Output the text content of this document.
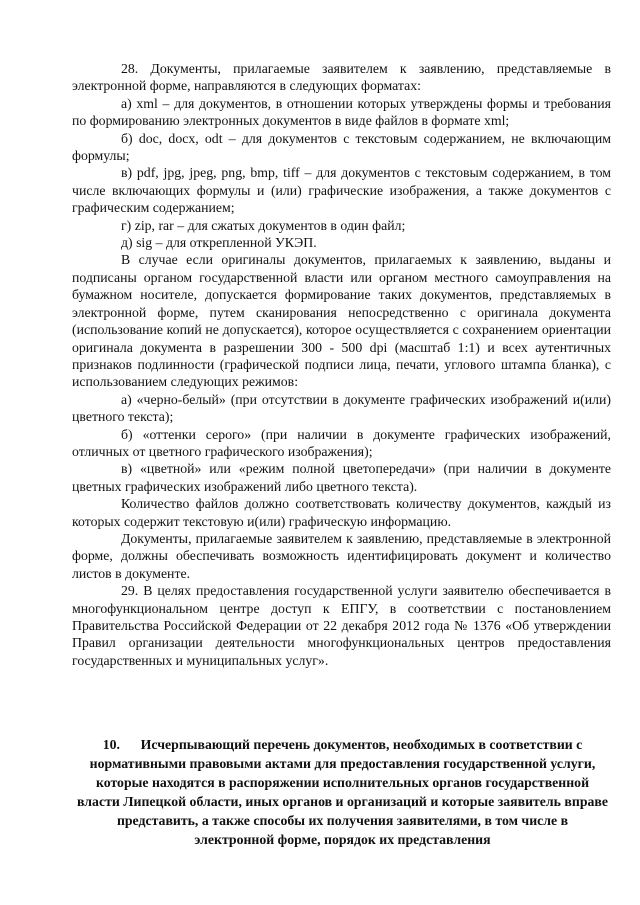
28. Документы, прилагаемые заявителем к заявлению, представляемые в электронной форме, направляются в следующих форматах:

а) xml – для документов, в отношении которых утверждены формы и требования по формированию электронных документов в виде файлов в формате xml;

б) doc, docx, odt – для документов с текстовым содержанием, не включающим формулы;

в) pdf, jpg, jpeg, png, bmp, tiff – для документов с текстовым содержанием, в том числе включающих формулы и (или) графические изображения, а также документов с графическим содержанием;

г) zip, rar – для сжатых документов в один файл;

д) sig – для открепленной УКЭП.

В случае если оригиналы документов, прилагаемых к заявлению, выданы и подписаны органом государственной власти или органом местного самоуправления на бумажном носителе, допускается формирование таких документов, представляемых в электронной форме, путем сканирования непосредственно с оригинала документа (использование копий не допускается), которое осуществляется с сохранением ориентации оригинала документа в разрешении 300 - 500 dpi (масштаб 1:1) и всех аутентичных признаков подлинности (графической подписи лица, печати, углового штампа бланка), с использованием следующих режимов:

а) «черно-белый» (при отсутствии в документе графических изображений и(или) цветного текста);

б) «оттенки серого» (при наличии в документе графических изображений, отличных от цветного графического изображения);

в) «цветной» или «режим полной цветопередачи» (при наличии в документе цветных графических изображений либо цветного текста).

Количество файлов должно соответствовать количеству документов, каждый из которых содержит текстовую и(или) графическую информацию.

Документы, прилагаемые заявителем к заявлению, представляемые в электронной форме, должны обеспечивать возможность идентифицировать документ и количество листов в документе.

29. В целях предоставления государственной услуги заявителю обеспечивается в многофункциональном центре доступ к ЕПГУ, в соответствии с постановлением Правительства Российской Федерации от 22 декабря 2012 года № 1376 «Об утверждении Правил организации деятельности многофункциональных центров предоставления государственных и муниципальных услуг».

10. Исчерпывающий перечень документов, необходимых в соответствии с нормативными правовыми актами для предоставления государственной услуги, которые находятся в распоряжении исполнительных органов государственной власти Липецкой области, иных органов и организаций и которые заявитель вправе представить, а также способы их получения заявителями, в том числе в электронной форме, порядок их представления
